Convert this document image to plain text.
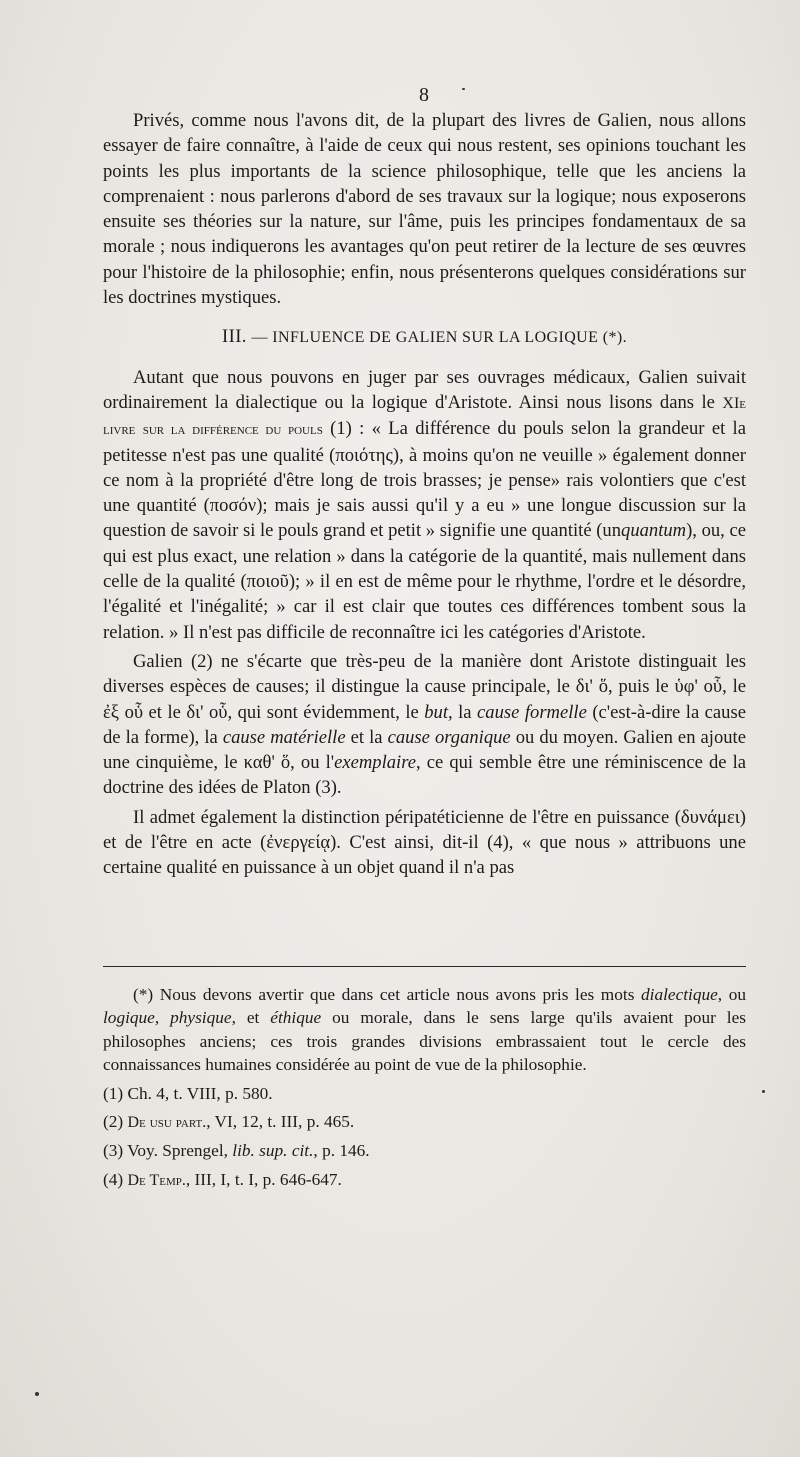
8

Privés, comme nous l'avons dit, de la plupart des livres de Galien, nous allons essayer de faire connaître, à l'aide de ceux qui nous restent, ses opinions touchant les points les plus importants de la science philosophique, telle que les anciens la comprenaient : nous parlerons d'abord de ses travaux sur la logique; nous exposerons ensuite ses théories sur la nature, sur l'âme, puis les principes fondamentaux de sa morale ; nous indiquerons les avantages qu'on peut retirer de la lecture de ses œuvres pour l'histoire de la philosophie; enfin, nous présenterons quelques considérations sur les doctrines mystiques.

III. — INFLUENCE DE GALIEN SUR LA LOGIQUE (*).

Autant que nous pouvons en juger par ses ouvrages médicaux, Galien suivait ordinairement la dialectique ou la logique d'Aristote. Ainsi nous lisons dans le XIe livre sur la différence du pouls (1) : « La différence du pouls selon la grandeur et la petitesse n'est pas une qualité (ποιότης), à moins qu'on ne veuille » également donner ce nom à la propriété d'être long de trois brasses; je pense» rais volontiers que c'est une quantité (ποσόν); mais je sais aussi qu'il y a eu » une longue discussion sur la question de savoir si le pouls grand et petit » signifie une quantité (unquantum), ou, ce qui est plus exact, une relation » dans la catégorie de la quantité, mais nullement dans celle de la qualité (ποιοῦ); » il en est de même pour le rhythme, l'ordre et le désordre, l'égalité et l'inégalité; » car il est clair que toutes ces différences tombent sous la relation. » Il n'est pas difficile de reconnaître ici les catégories d'Aristote.

Galien (2) ne s'écarte que très-peu de la manière dont Aristote distinguait les diverses espèces de causes; il distingue la cause principale, le δι' ὅ, puis le ὑφ' οὗ, le ἐξ οὗ et le δι' οὗ, qui sont évidemment, le but, la cause formelle (c'est-à-dire la cause de la forme), la cause matérielle et la cause organique ou du moyen. Galien en ajoute une cinquième, le καθ' ὅ, ou l'exemplaire, ce qui semble être une réminiscence de la doctrine des idées de Platon (3).

Il admet également la distinction péripatéticienne de l'être en puissance (δυνάμει) et de l'être en acte (ἐνεργείᾳ). C'est ainsi, dit-il (4), « que nous » attribuons une certaine qualité en puissance à un objet quand il n'a pas

(*) Nous devons avertir que dans cet article nous avons pris les mots dialectique, ou logique, physique, et éthique ou morale, dans le sens large qu'ils avaient pour les philosophes anciens; ces trois grandes divisions embrassaient tout le cercle des connaissances humaines considérée au point de vue de la philosophie.

(1) Ch. 4, t. VIII, p. 580.

(2) De usu part., VI, 12, t. III, p. 465.

(3) Voy. Sprengel, lib. sup. cit., p. 146.

(4) De Temp., III, I, t. I, p. 646-647.
